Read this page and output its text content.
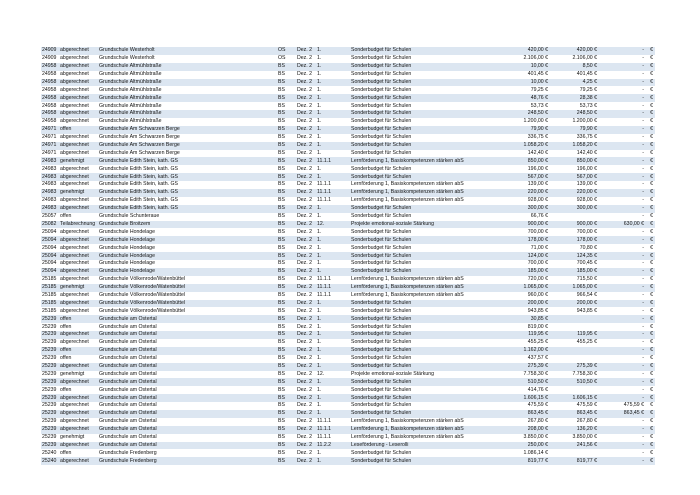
24909	abgerechnet	Grundschule Westerholt	OS	Dez. 2	1.	Sonderbudget für Schulen	420,00 €	420,00 €	-	€
24909	abgerechnet	Grundschule Westerholt	OS	Dez. 2	1.	Sonderbudget für Schulen	2.106,00 €	2.106,00 €	-	€
24958	abgerechnet	Grundschule Altmühlstraße	BS	Dez. 2	1.	Sonderbudget für Schulen	10,00 €	8,50 €	-	€
24958	abgerechnet	Grundschule Altmühlstraße	BS	Dez. 2	1.	Sonderbudget für Schulen	401,45 €	401,45 €	-	€
24958	abgerechnet	Grundschule Altmühlstraße	BS	Dez. 2	1.	Sonderbudget für Schulen	10,00 €	4,25 €	-	€
24958	abgerechnet	Grundschule Altmühlstraße	BS	Dez. 2	1.	Sonderbudget für Schulen	79,25 €	79,25 €	-	€
24958	abgerechnet	Grundschule Altmühlstraße	BS	Dez. 2	1.	Sonderbudget für Schulen	48,76 €	28,38 €	-	€
24958	abgerechnet	Grundschule Altmühlstraße	BS	Dez. 2	1.	Sonderbudget für Schulen	53,73 €	53,73 €	-	€
24958	abgerechnet	Grundschule Altmühlstraße	BS	Dez. 2	1.	Sonderbudget für Schulen	248,50 €	248,50 €	-	€
24958	abgerechnet	Grundschule Altmühlstraße	BS	Dez. 2	1.	Sonderbudget für Schulen	1.200,00 €	1.200,00 €	-	€
24971	offen	Grundschule Am Schwarzen Berge	BS	Dez. 2	1.	Sonderbudget für Schulen	79,90 €	79,90 €	-	€
24971	abgerechnet	Grundschule Am Schwarzen Berge	BS	Dez. 2	1.	Sonderbudget für Schulen	336,75 €	336,75 €	-	€
24971	abgerechnet	Grundschule Am Schwarzen Berge	BS	Dez. 2	1.	Sonderbudget für Schulen	1.058,20 €	1.058,20 €	-	€
24971	abgerechnet	Grundschule Am Schwarzen Berge	BS	Dez. 2	1.	Sonderbudget für Schulen	142,40 €	142,40 €	-	€
24983	genehmigt	Grundschule Edith Stein, kath. GS	BS	Dez. 2	11.1.1	Lernförderung 1, Basiskompetenzen stärken abS	850,00 €	850,00 €	-	€
24983	abgerechnet	Grundschule Edith Stein, kath. GS	BS	Dez. 2	1.	Sonderbudget für Schulen	196,00 €	196,00 €	-	€
24983	abgerechnet	Grundschule Edith Stein, kath. GS	BS	Dez. 2	1.	Sonderbudget für Schulen	567,00 €	567,00 €	-	€
24983	abgerechnet	Grundschule Edith Stein, kath. GS	BS	Dez. 2	11.1.1	Lernförderung 1, Basiskompetenzen stärken abS	139,00 €	139,00 €	-	€
24983	genehmigt	Grundschule Edith Stein, kath. GS	BS	Dez. 2	11.1.1	Lernförderung 1, Basiskompetenzen stärken abS	220,00 €	220,00 €	-	€
24983	abgerechnet	Grundschule Edith Stein, kath. GS	BS	Dez. 2	11.1.1	Lernförderung 1, Basiskompetenzen stärken abS	928,00 €	928,00 €	-	€
24983	abgerechnet	Grundschule Edith Stein, kath. GS	BS	Dez. 2	1.	Sonderbudget für Schulen	300,00 €	300,00 €	-	€
25057	offen	Grundschule Schunteraue	BS	Dez. 2	1.	Sonderbudget für Schulen	66,76 €		-	€
25082	Teilabrechnung	Grundschule Broitzem	BS	Dez. 2	12.	Projekte emotional-soziale Stärkung	900,00 €	900,00 €	630,00 €	€
25094	abgerechnet	Grundschule Hondelage	BS	Dez. 2	1.	Sonderbudget für Schulen	700,00 €	700,00 €	-	€
25094	abgerechnet	Grundschule Hondelage	BS	Dez. 2	1.	Sonderbudget für Schulen	178,00 €	178,00 €	-	€
25094	abgerechnet	Grundschule Hondelage	BS	Dez. 2	1.	Sonderbudget für Schulen	71,00 €	70,80 €	-	€
25094	abgerechnet	Grundschule Hondelage	BS	Dez. 2	1.	Sonderbudget für Schulen	124,00 €	124,35 €	-	€
25094	abgerechnet	Grundschule Hondelage	BS	Dez. 2	1.	Sonderbudget für Schulen	700,00 €	700,45 €	-	€
25094	abgerechnet	Grundschule Hondelage	BS	Dez. 2	1.	Sonderbudget für Schulen	185,00 €	185,00 €	-	€
25185	abgerechnet	Grundschule Völkenrode/Watenbüttel	BS	Dez. 2	11.1.1	Lernförderung 1, Basiskompetenzen stärken abS	720,00 €	715,50 €	-	€
25185	genehmigt	Grundschule Völkenrode/Watenbüttel	BS	Dez. 2	11.1.1	Lernförderung 1, Basiskompetenzen stärken abS	1.065,00 €	1.065,00 €	-	€
25185	abgerechnet	Grundschule Völkenrode/Watenbüttel	BS	Dez. 2	11.1.1	Lernförderung 1, Basiskompetenzen stärken abS	960,00 €	966,54 €	-	€
25185	abgerechnet	Grundschule Völkenrode/Watenbüttel	BS	Dez. 2	1.	Sonderbudget für Schulen	200,00 €	200,00 €	-	€
25185	abgerechnet	Grundschule Völkenrode/Watenbüttel	BS	Dez. 2	1.	Sonderbudget für Schulen	943,85 €	943,85 €	-	€
25239	offen	Grundschule am Ostertal	BS	Dez. 2	1.	Sonderbudget für Schulen	30,85 €		-	€
25239	offen	Grundschule am Ostertal	BS	Dez. 2	1.	Sonderbudget für Schulen	819,00 €		-	€
25239	abgerechnet	Grundschule am Ostertal	BS	Dez. 2	1.	Sonderbudget für Schulen	119,95 €	119,95 €	-	€
25239	abgerechnet	Grundschule am Ostertal	BS	Dez. 2	1.	Sonderbudget für Schulen	455,25 €	455,25 €	-	€
25239	offen	Grundschule am Ostertal	BS	Dez. 2	1.	Sonderbudget für Schulen	1.162,00 €		-	€
25239	offen	Grundschule am Ostertal	BS	Dez. 2	1.	Sonderbudget für Schulen	437,57 €		-	€
25239	abgerechnet	Grundschule am Ostertal	BS	Dez. 2	1.	Sonderbudget für Schulen	275,39 €	275,39 €	-	€
25239	genehmigt	Grundschule am Ostertal	BS	Dez. 2	12.	Projekte emotional-soziale Stärkung	7.758,30 €	7.758,30 €	-	€
25239	abgerechnet	Grundschule am Ostertal	BS	Dez. 2	1.	Sonderbudget für Schulen	510,50 €	510,50 €	-	€
25239	offen	Grundschule am Ostertal	BS	Dez. 2	1.	Sonderbudget für Schulen	414,76 €		-	€
25239	abgerechnet	Grundschule am Ostertal	BS	Dez. 2	1.	Sonderbudget für Schulen	1.606,15 €	1.606,15 €	-	€
25239	abgerechnet	Grundschule am Ostertal	BS	Dez. 2	1.	Sonderbudget für Schulen	475,59 €	475,59 €	475,59 €	€
25239	abgerechnet	Grundschule am Ostertal	BS	Dez. 2	1.	Sonderbudget für Schulen	863,45 €	863,45 €	863,45 €	€
25239	abgerechnet	Grundschule am Ostertal	BS	Dez. 2	11.1.1	Lernförderung 1, Basiskompetenzen stärken abS	267,80 €	267,80 €	-	€
25239	abgerechnet	Grundschule am Ostertal	BS	Dez. 2	11.1.1	Lernförderung 1, Basiskompetenzen stärken abS	208,00 €	136,20 €	-	€
25239	genehmigt	Grundschule am Ostertal	BS	Dez. 2	11.1.1	Lernförderung 1, Basiskompetenzen stärken abS	3.850,00 €	3.850,00 €	-	€
25239	abgerechnet	Grundschule am Ostertal	BS	Dez. 2	11.2.2	Leseförderung - Leserolli	250,00 €	241,56 €	-	€
25240	offen	Grundschule Fredenberg	BS	Dez. 2	1.	Sonderbudget für Schulen	1.086,14 €		-	€
25240	abgerechnet	Grundschule Fredenberg	BS	Dez. 2	1.	Sonderbudget für Schulen	819,77 €	819,77 €	-	€
